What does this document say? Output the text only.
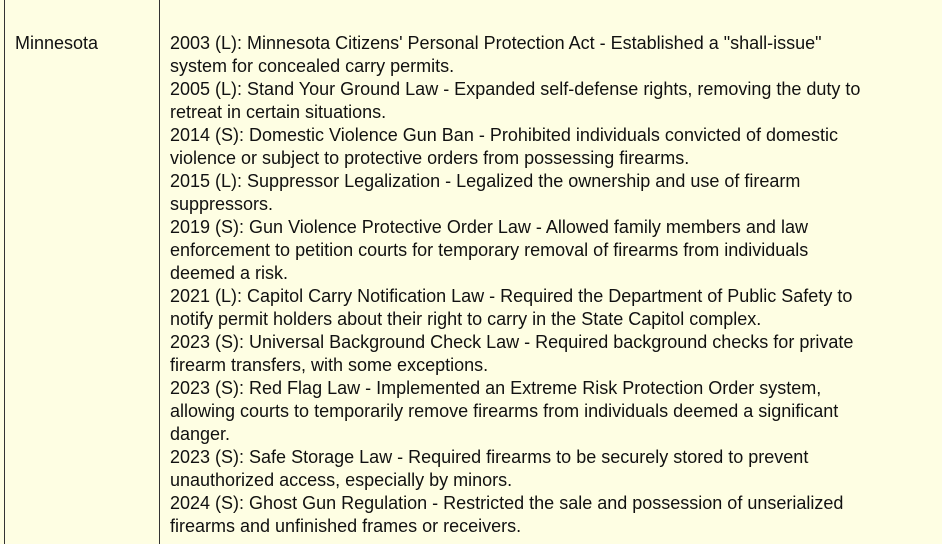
Minnesota	2003 (L): Minnesota Citizens' Personal Protection Act - Established a "shall-issue"
system for concealed carry permits.
2005 (L): Stand Your Ground Law - Expanded self-defense rights, removing the duty to
retreat in certain situations.
2014 (S): Domestic Violence Gun Ban - Prohibited individuals convicted of domestic
violence or subject to protective orders from possessing firearms.
2015 (L): Suppressor Legalization - Legalized the ownership and use of firearm
suppressors.
2019 (S): Gun Violence Protective Order Law - Allowed family members and law
enforcement to petition courts for temporary removal of firearms from individuals
deemed a risk.
2021 (L): Capitol Carry Notification Law - Required the Department of Public Safety to
notify permit holders about their right to carry in the State Capitol complex.
2023 (S): Universal Background Check Law - Required background checks for private
firearm transfers, with some exceptions.
2023 (S): Red Flag Law - Implemented an Extreme Risk Protection Order system,
allowing courts to temporarily remove firearms from individuals deemed a significant
danger.
2023 (S): Safe Storage Law - Required firearms to be securely stored to prevent
unauthorized access, especially by minors.
2024 (S): Ghost Gun Regulation - Restricted the sale and possession of unserialized
firearms and unfinished frames or receivers.
